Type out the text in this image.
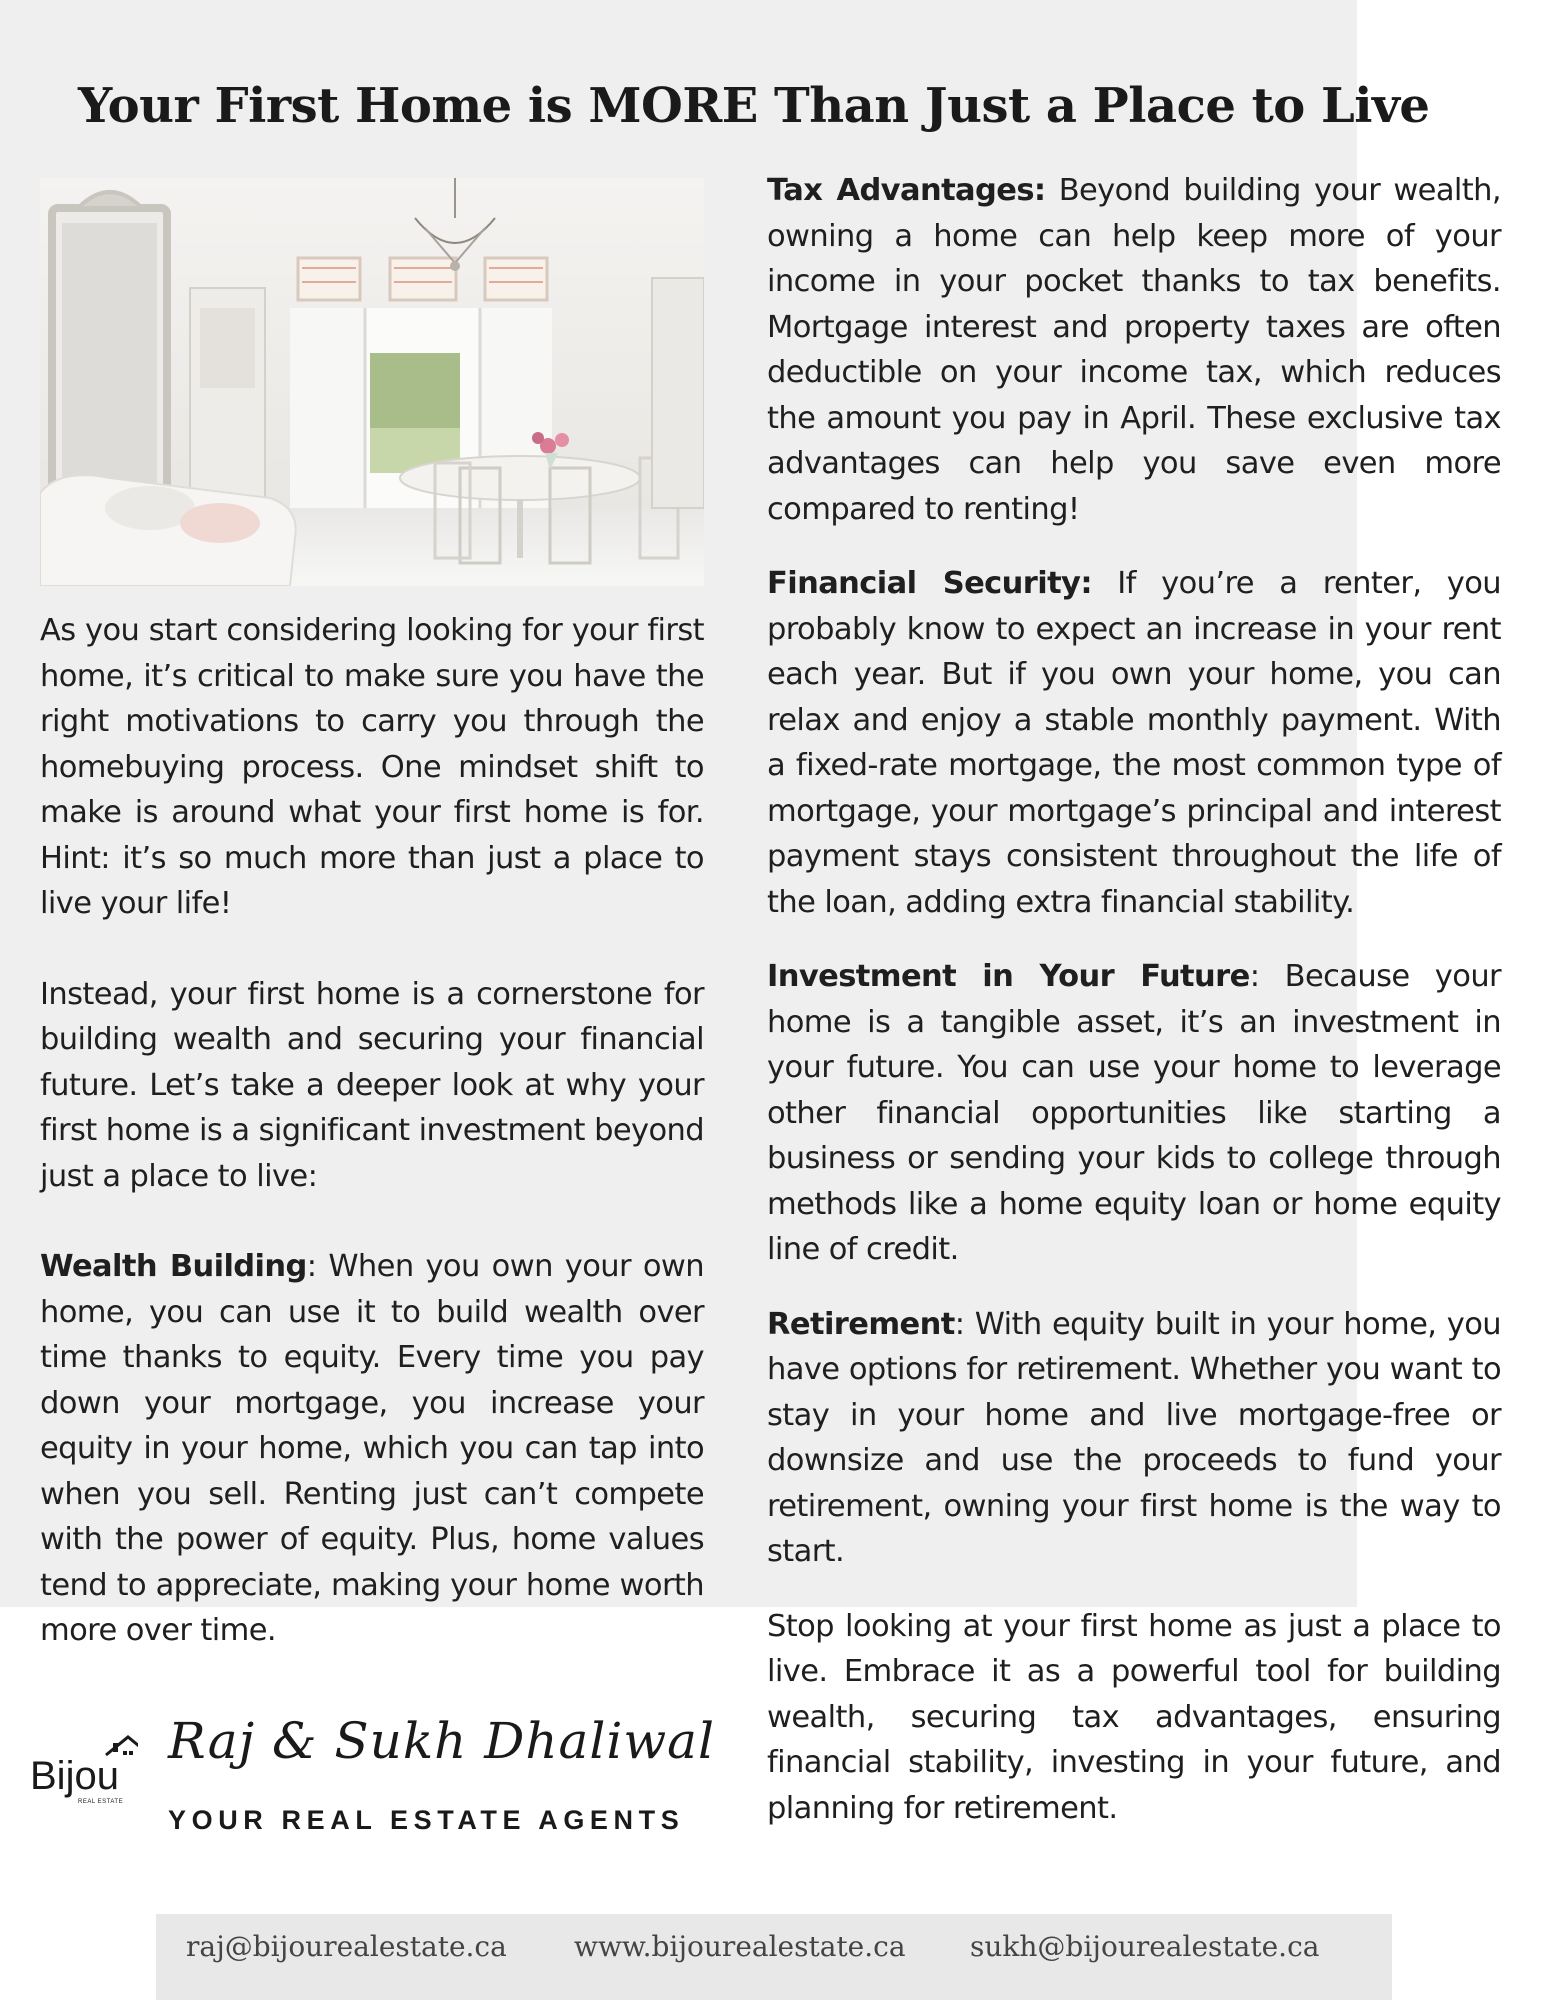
Your First Home is MORE Than Just a Place to Live

As you start considering looking for your first home, it’s critical to make sure you have the right motivations to carry you through the homebuying process. One mindset shift to make is around what your first home is for. Hint: it’s so much more than just a place to live your life!

Instead, your first home is a cornerstone for building wealth and securing your financial future. Let’s take a deeper look at why your first home is a significant investment beyond just a place to live:

Wealth Building: When you own your own home, you can use it to build wealth over time thanks to equity. Every time you pay down your mortgage, you increase your equity in your home, which you can tap into when you sell. Renting just can’t compete with the power of equity. Plus, home values tend to appreciate, making your home worth more over time.

Tax Advantages: Beyond building your wealth, owning a home can help keep more of your income in your pocket thanks to tax benefits. Mortgage interest and property taxes are often deductible on your income tax, which reduces the amount you pay in April. These exclusive tax advantages can help you save even more compared to renting!

Financial Security: If you’re a renter, you probably know to expect an increase in your rent each year. But if you own your home, you can relax and enjoy a stable monthly payment. With a fixed-rate mortgage, the most common type of mortgage, your mortgage’s principal and interest payment stays consistent throughout the life of the loan, adding extra financial stability.

Investment in Your Future: Because your home is a tangible asset, it’s an investment in your future. You can use your home to leverage other financial opportunities like starting a business or sending your kids to college through methods like a home equity loan or home equity line of credit.

Retirement: With equity built in your home, you have options for retirement. Whether you want to stay in your home and live mortgage-free or downsize and use the proceeds to fund your retirement, owning your first home is the way to start.

Stop looking at your first home as just a place to live. Embrace it as a powerful tool for building wealth, securing tax advantages, ensuring financial stability, investing in your future, and planning for retirement.

Bijou
REAL ESTATE
Raj & Sukh Dhaliwal
YOUR REAL ESTATE AGENTS
raj@bijourealestate.ca www.bijourealestate.ca sukh@bijourealestate.ca
